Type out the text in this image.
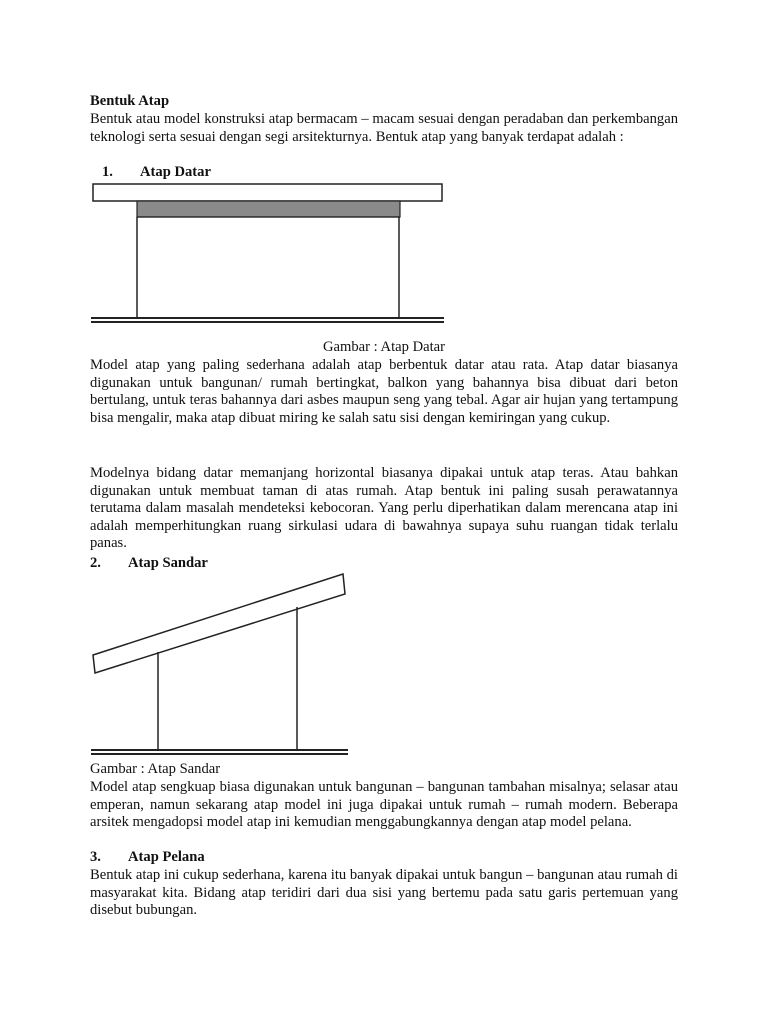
Bentuk Atap
Bentuk atau model konstruksi atap bermacam – macam sesuai dengan peradaban dan perkembangan teknologi serta sesuai dengan segi arsitekturnya. Bentuk atap yang banyak terdapat adalah :
1. Atap Datar
Gambar : Atap Datar
Model atap yang paling sederhana adalah atap berbentuk datar atau rata. Atap datar biasanya digunakan untuk bangunan/ rumah bertingkat, balkon yang bahannya bisa dibuat dari beton bertulang, untuk teras bahannya dari asbes maupun seng yang tebal. Agar air hujan yang tertampung bisa mengalir, maka atap dibuat miring ke salah satu sisi dengan kemiringan yang cukup.
Modelnya bidang datar memanjang horizontal biasanya dipakai untuk atap teras. Atau bahkan digunakan untuk membuat taman di atas rumah. Atap bentuk ini paling susah perawatannya terutama dalam masalah mendeteksi kebocoran. Yang perlu diperhatikan dalam merencana atap ini adalah memperhitungkan ruang sirkulasi udara di bawahnya supaya suhu ruangan tidak terlalu panas.
2. Atap Sandar
Gambar : Atap Sandar
Model atap sengkuap biasa digunakan untuk bangunan – bangunan tambahan misalnya; selasar atau emperan, namun sekarang atap model ini juga dipakai untuk rumah – rumah modern. Beberapa arsitek mengadopsi model atap ini kemudian menggabungkannya dengan atap model pelana.
3. Atap Pelana
Bentuk atap ini cukup sederhana, karena itu banyak dipakai untuk bangun – bangunan atau rumah di masyarakat kita. Bidang atap teridiri dari dua sisi yang bertemu pada satu garis pertemuan yang disebut bubungan.
